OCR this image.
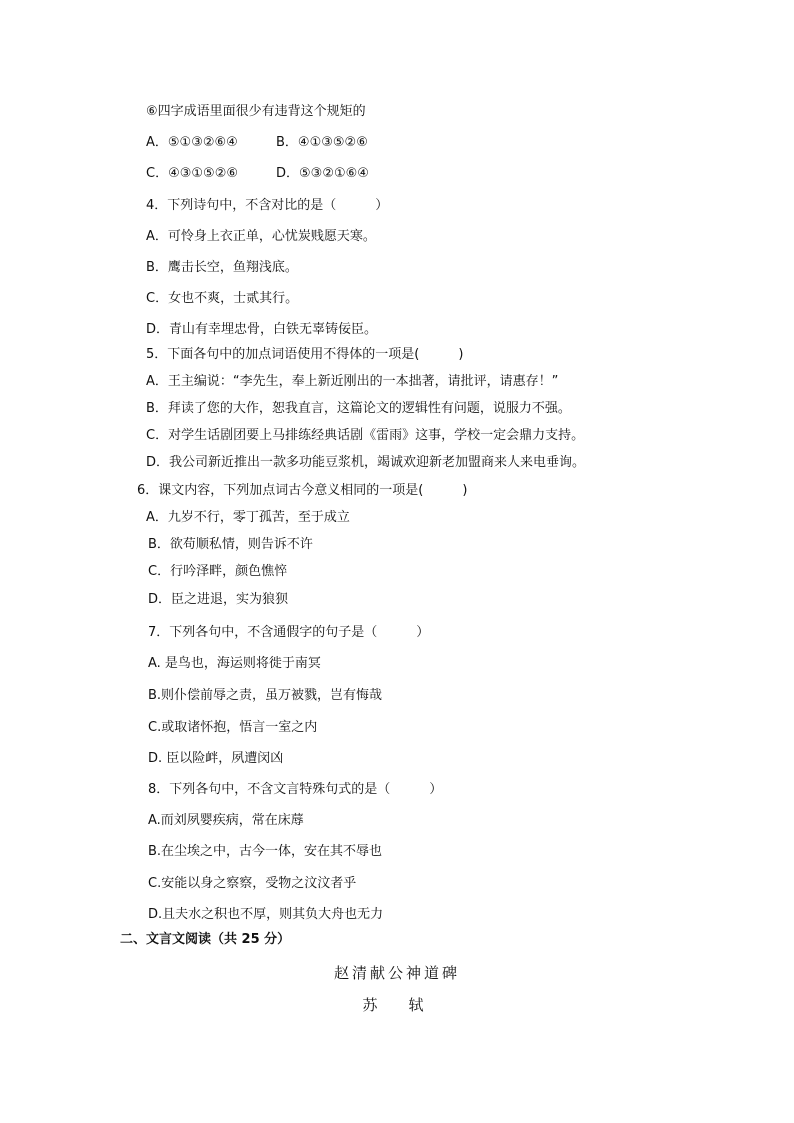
⑥四字成语里面很少有违背这个规矩的

A．⑤①③②⑥④	B．④①③⑤②⑥

C．④③①⑤②⑥	D．⑤③②①⑥④

4．下列诗句中，不含对比的是（　　　）

A．可怜身上衣正单，心忧炭贱愿天寒。

B．鹰击长空，鱼翔浅底。

C．女也不爽，士贰其行。

D．青山有幸埋忠骨，白铁无辜铸佞臣。

5．下面各句中的加点词语使用不得体的一项是(　　　)

A．王主编说：“李先生，奉上新近刚出的一本拙著，请批评，请惠存！”

B．拜读了您的大作，恕我直言，这篇论文的逻辑性有问题，说服力不强。

C．对学生话剧团要上马排练经典话剧《雷雨》这事，学校一定会鼎力支持。

D．我公司新近推出一款多功能豆浆机，竭诚欢迎新老加盟商来人来电垂询。

6．课文内容，下列加点词古今意义相同的一项是(　　　)

A．九岁不行，零丁孤苦，至于成立

B．欲苟顺私情，则告诉不许

C．行吟泽畔，颜色憔悴

D．臣之进退，实为狼狈

7．下列各句中，不含通假字的句子是（　　　）

A. 是鸟也，海运则将徙于南冥

B.则仆偿前辱之责，虽万被戮，岂有悔哉

C.或取诸怀抱，悟言一室之内

D. 臣以险衅，夙遭闵凶

8．下列各句中，不含文言特殊句式的是（　　　）

A.而刘夙婴疾病，常在床蓐

B.在尘埃之中，古今一体，安在其不辱也

C.安能以身之察察，受物之汶汶者乎

D.且夫水之积也不厚，则其负大舟也无力

二、文言文阅读（共 25 分）

赵清献公神道碑
苏　轼
